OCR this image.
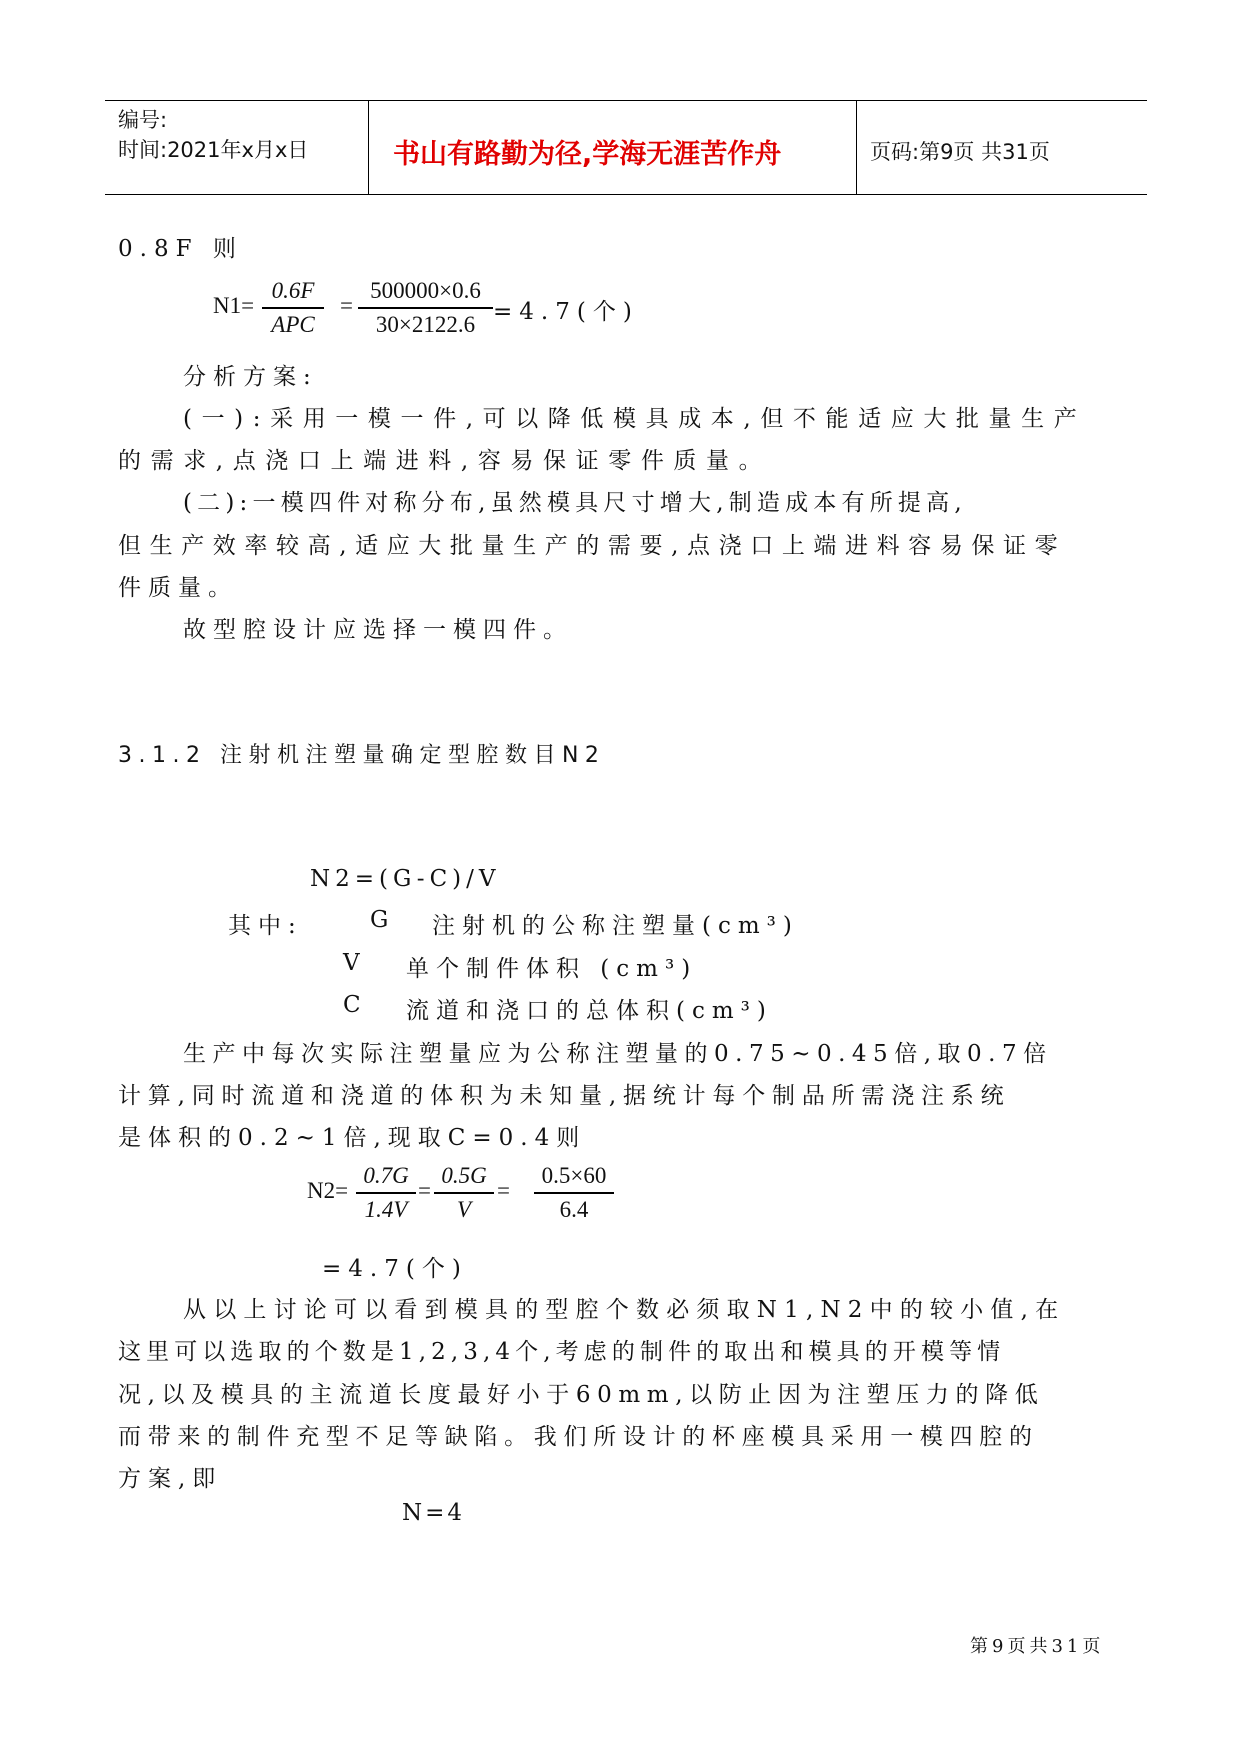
编号:
时间:2021年x月x日	书山有路勤为径,学海无涯苦作舟	页码:第9页 共31页
0.8F 则
N1=
0.6F
APC
=
500000×0.6
30×2122.6 =4.7(个)
分析方案:
(一):采用一模一件,可以降低模具成本,但不能适应大批量生产
的需求,点浇口上端进料,容易保证零件质量。
(二):一模四件对称分布,虽然模具尺寸增大,制造成本有所提高,
但生产效率较高,适应大批量生产的需要,点浇口上端进料容易保证零
件质量。
故型腔设计应选择一模四件。
3.1.2 注射机注塑量确定型腔数目N2
N2=(G-C)/V
其中:	G 注射机的公称注塑量(cm³)
V 单个制件体积 (cm³)
C 流道和浇口的总体积(cm³)
生产中每次实际注塑量应为公称注塑量的0.75~0.45倍,取0.7倍
计算,同时流道和浇道的体积为未知量,据统计每个制品所需浇注系统
是体积的0.2~1倍,现取C=0.4则
N2=
0.7G
1.4V
=
0.5G
V
=
0.5×60
6.4
=4.7(个)
从以上讨论可以看到模具的型腔个数必须取N1,N2中的较小值,在
这里可以选取的个数是1,2,3,4个,考虑的制件的取出和模具的开模等情
况,以及模具的主流道长度最好小于60mm,以防止因为注塑压力的降低
而带来的制件充型不足等缺陷。我们所设计的杯座模具采用一模四腔的
方案,即
N=4
第9页共31页
